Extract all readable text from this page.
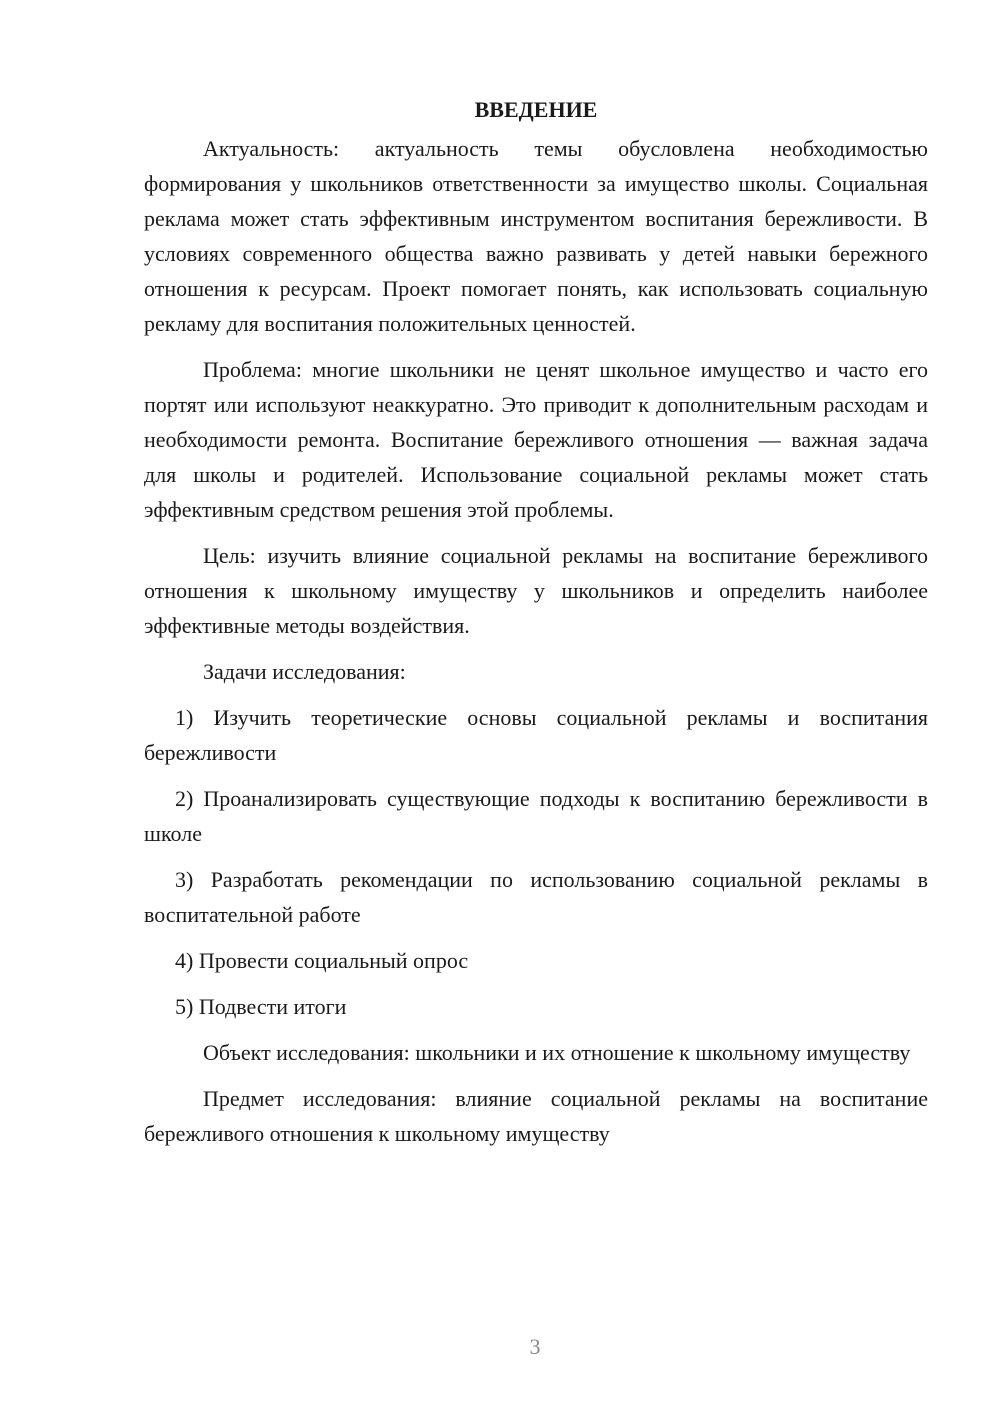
ВВЕДЕНИЕ

Актуальность: актуальность темы обусловлена необходимостью формирования у школьников ответственности за имущество школы. Социальная реклама может стать эффективным инструментом воспитания бережливости. В условиях современного общества важно развивать у детей навыки бережного отношения к ресурсам. Проект помогает понять, как использовать социальную рекламу для воспитания положительных ценностей.

Проблема: многие школьники не ценят школьное имущество и часто его портят или используют неаккуратно. Это приводит к дополнительным расходам и необходимости ремонта. Воспитание бережливого отношения — важная задача для школы и родителей. Использование социальной рекламы может стать эффективным средством решения этой проблемы.

Цель: изучить влияние социальной рекламы на воспитание бережливого отношения к школьному имуществу у школьников и определить наиболее эффективные методы воздействия.

Задачи исследования:

1) Изучить теоретические основы социальной рекламы и воспитания бережливости

2) Проанализировать существующие подходы к воспитанию бережливости в школе

3) Разработать рекомендации по использованию социальной рекламы в воспитательной работе

4) Провести социальный опрос

5) Подвести итоги

Объект исследования: школьники и их отношение к школьному имуществу

Предмет исследования: влияние социальной рекламы на воспитание бережливого отношения к школьному имуществу

3
